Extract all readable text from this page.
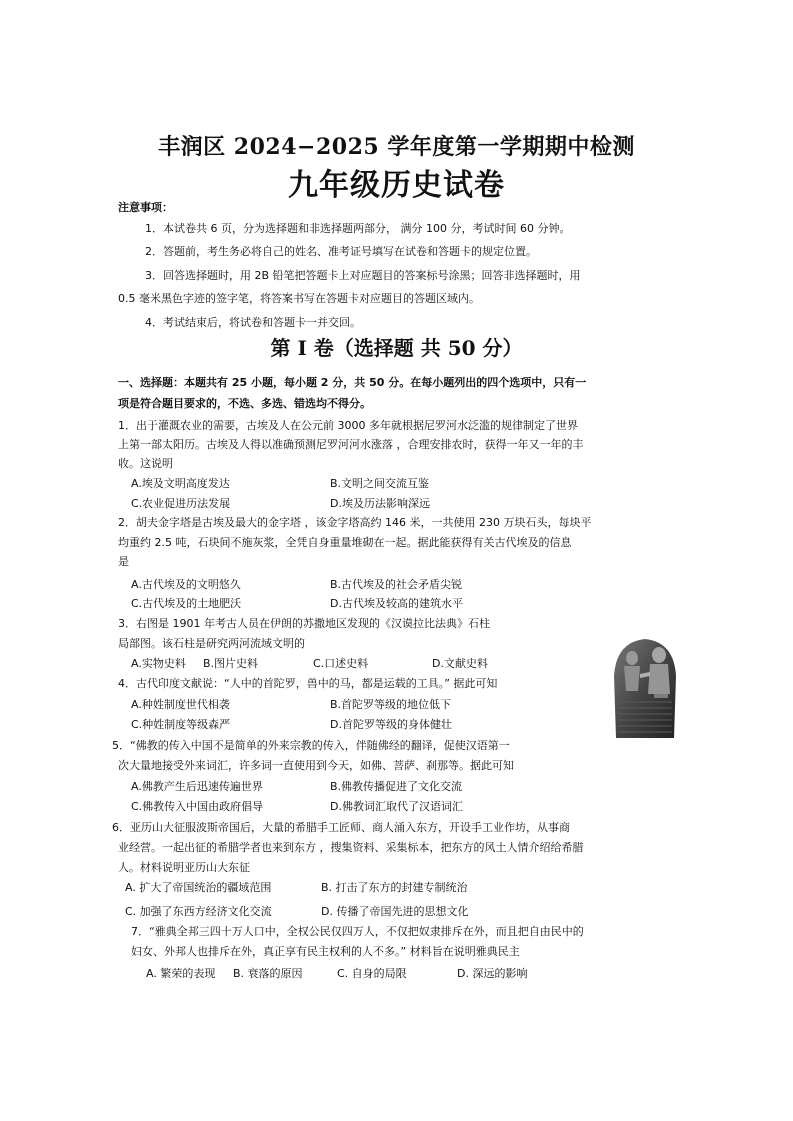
丰润区 2024−2025 学年度第一学期期中检测
九年级历史试卷
注意事项：
1．本试卷共 6 页，分为选择题和非选择题两部分， 满分 100 分，考试时间 60 分钟。
2．答题前，考生务必将自己的姓名、准考证号填写在试卷和答题卡的规定位置。
3．回答选择题时，用 2B 铅笔把答题卡上对应题目的答案标号涂黑；回答非选择题时，用
0.5 毫米黑色字迹的签字笔，将答案书写在答题卡对应题目的答题区域内。
4．考试结束后，将试卷和答题卡一并交回。
第 I 卷（选择题 共 50 分）
一、选择题：本题共有 25 小题，每小题 2 分，共 50 分。在每小题列出的四个选项中，只有一
项是符合题目要求的，不选、多选、错选均不得分。
1．出于灌溉农业的需要，古埃及人在公元前 3000 多年就根据尼罗河水泛滥的规律制定了世界
上第一部太阳历。古埃及人得以准确预测尼罗河河水涨落 ，合理安排农时，获得一年又一年的丰
收。这说明
A.埃及文明高度发达	B.文明之间交流互鉴
C.农业促进历法发展	D.埃及历法影响深远
2．胡夫金字塔是古埃及最大的金字塔 ，该金字塔高约 146 米，一共使用 230 万块石头，每块平
均重约 2.5 吨，石块间不施灰浆，全凭自身重量堆砌在一起。据此能获得有关古代埃及的信息
是
A.古代埃及的文明悠久	B.古代埃及的社会矛盾尖锐
C.古代埃及的土地肥沃	D.古代埃及较高的建筑水平
3．右图是 1901 年考古人员在伊朗的苏撒地区发现的《汉谟拉比法典》石柱
局部图。该石柱是研究两河流域文明的
A.实物史料 B.图片史料	C.口述史料	D.文献史料
4．古代印度文献说：“人中的首陀罗，兽中的马，都是运载的工具。” 据此可知
A.种姓制度世代相袭	B.首陀罗等级的地位低下
C.种姓制度等级森严	D.首陀罗等级的身体健壮
5．“佛教的传入中国不是简单的外来宗教的传入，伴随佛经的翻译，促使汉语第一
次大量地接受外来词汇，许多词一直使用到今天，如佛、菩萨、刹那等。据此可知
A.佛教产生后迅速传遍世界	B.佛教传播促进了文化交流
C.佛教传入中国由政府倡导	D.佛教词汇取代了汉语词汇
6．亚历山大征服波斯帝国后，大量的希腊手工匠师、商人涌入东方，开设手工业作坊，从事商
业经营。一起出征的希腊学者也来到东方 ，搜集资料、采集标本，把东方的风土人情介绍给希腊
人。材料说明亚历山大东征
A. 扩大了帝国统治的疆域范围	B. 打击了东方的封建专制统治
C. 加强了东西方经济文化交流	D. 传播了帝国先进的思想文化
7．“雅典全邦三四十万人口中，全权公民仅四万人，不仅把奴隶排斥在外，而且把自由民中的
妇女、外邦人也排斥在外，真正享有民主权利的人不多。” 材料旨在说明雅典民主
A. 繁荣的表现 B. 衰落的原因	C. 自身的局限	D. 深远的影响
